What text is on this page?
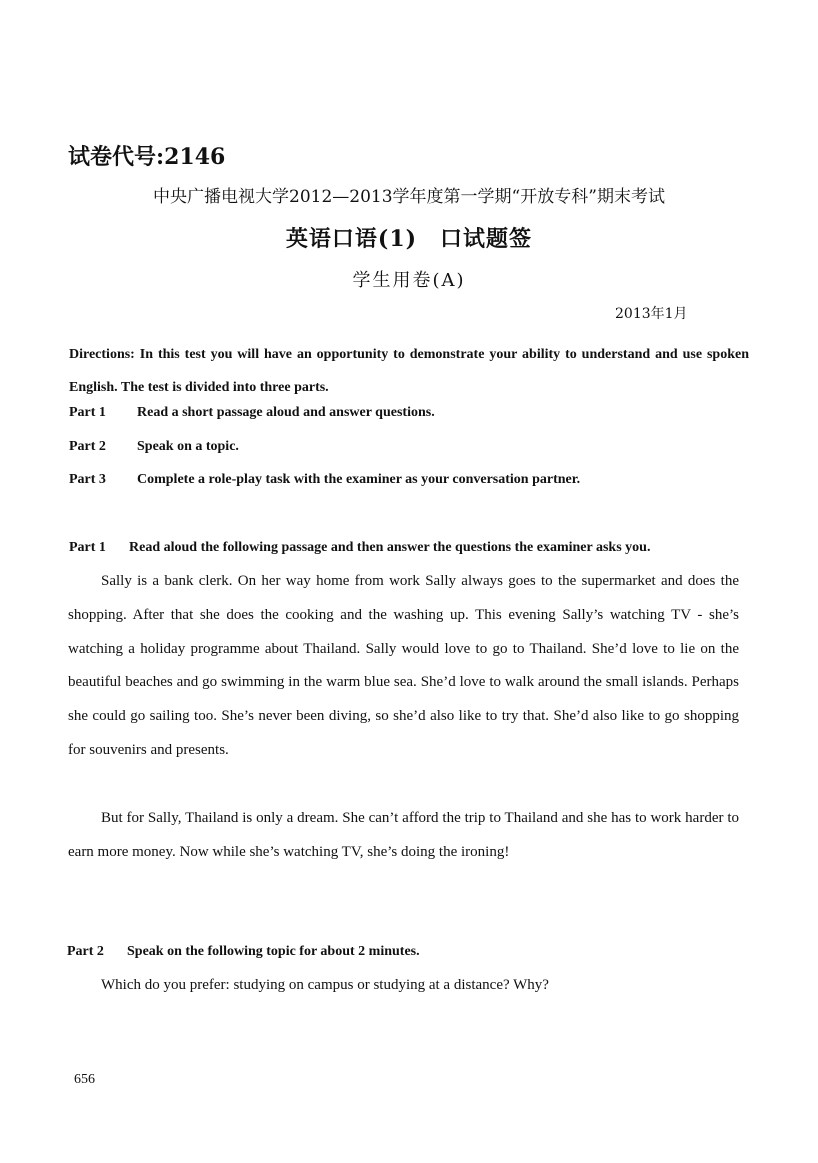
试卷代号:2146
中央广播电视大学2012—2013学年度第一学期“开放专科”期末考试
英语口语(1)　口试题签
学生用卷(A)
2013年1月
Directions: In this test you will have an opportunity to demonstrate your ability to understand and use spoken English. The test is divided into three parts.
Part 1 Read a short passage aloud and answer questions.
Part 2 Speak on a topic.
Part 3 Complete a role-play task with the examiner as your conversation partner.
Part 1 Read aloud the following passage and then answer the questions the examiner asks you.
Sally is a bank clerk. On her way home from work Sally always goes to the supermarket and does the shopping. After that she does the cooking and the washing up. This evening Sally’s watching TV - she’s watching a holiday programme about Thailand. Sally would love to go to Thailand. She’d love to lie on the beautiful beaches and go swimming in the warm blue sea. She’d love to walk around the small islands. Perhaps she could go sailing too. She’s never been diving, so she’d also like to try that. She’d also like to go shopping for souvenirs and presents.
But for Sally, Thailand is only a dream. She can’t afford the trip to Thailand and she has to work harder to earn more money. Now while she’s watching TV, she’s doing the ironing!
Part 2 Speak on the following topic for about 2 minutes.
Which do you prefer: studying on campus or studying at a distance? Why?
656
